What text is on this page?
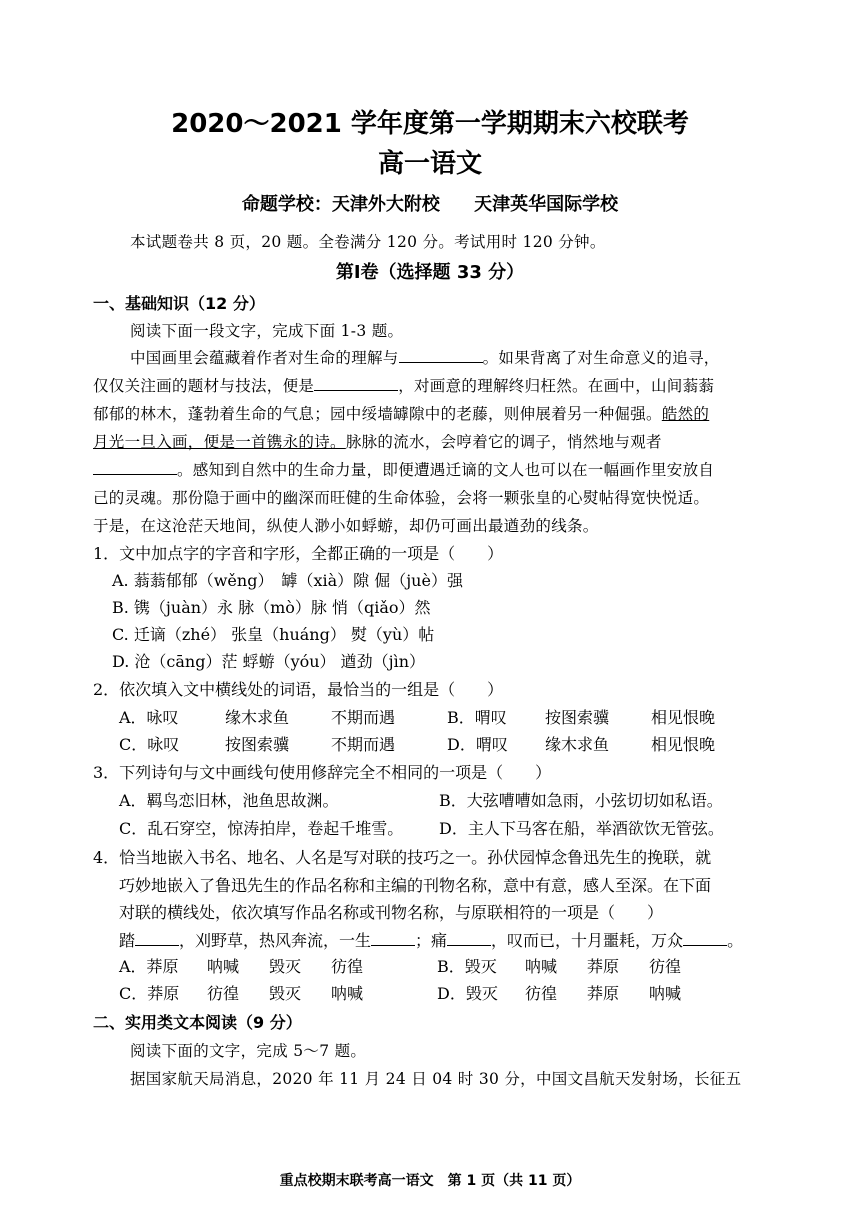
2020～2021 学年度第一学期期末六校联考
高一语文
命题学校：天津外大附校 天津英华国际学校
本试题卷共 8 页，20 题。全卷满分 120 分。考试用时 120 分钟。
第Ⅰ卷（选择题 33 分）
一、基础知识（12 分）
阅读下面一段文字，完成下面 1-3 题。
中国画里会蕴藏着作者对生命的理解与	。如果背离了对生命意义的追寻，
仅仅关注画的题材与技法，便是	，对画意的理解终归枉然。在画中，山间蓊蓊
郁郁的林木，蓬勃着生命的气息；园中绥墙罅隙中的老藤，则伸展着另一种倔强。皓然的
月光一旦入画，便是一首镌永的诗。脉脉的流水，会哼着它的调子，悄然地与观者
。感知到自然中的生命力量，即便遭遇迁谪的文人也可以在一幅画作里安放自
己的灵魂。那份隐于画中的幽深而旺健的生命体验，会将一颗张皇的心熨帖得宽快悦适。
于是，在这沧茫天地间，纵使人渺小如蜉蝣，却仍可画出最遒劲的线条。
1．文中加点字的字音和字形，全都正确的一项是（　　）
A. 蓊蓊郁郁（wěng）　罅（xià）隙 倔（juè）强
B. 镌（juàn）永 脉（mò）脉 悄（qiǎo）然
C. 迁谪（zhé） 张皇（huáng） 熨（yù）帖
D. 沧（cāng）茫 蜉蝣（yóu） 遒劲（jìn）
2．依次填入文中横线处的词语，最恰当的一组是（　　）
A．咏叹	缘木求鱼	不期而遇	B．喟叹 按图索骥	相见恨晚
C．咏叹	按图索骥	不期而遇	D．喟叹 缘木求鱼	相见恨晚
3．下列诗句与文中画线句使用修辞完全不相同的一项是（　　）
A．羁鸟恋旧林，池鱼思故渊。	B．大弦嘈嘈如急雨，小弦切切如私语。
C．乱石穿空，惊涛拍岸，卷起千堆雪。 D．主人下马客在船，举酒欲饮无管弦。
4．恰当地嵌入书名、地名、人名是写对联的技巧之一。孙伏园悼念鲁迅先生的挽联，就
巧妙地嵌入了鲁迅先生的作品名称和主编的刊物名称，意中有意，感人至深。在下面
对联的横线处，依次填写作品名称或刊物名称，与原联相符的一项是（　　）
踏	，刈野草，热风奔流，一生	；痛	，叹而已，十月噩耗，万众	。
A．莽原 呐喊 毁灭 彷徨	B．毁灭 呐喊 莽原 彷徨
C．莽原 彷徨 毁灭 呐喊	D．毁灭 彷徨 莽原 呐喊
二、实用类文本阅读（9 分）
阅读下面的文字，完成 5～7 题。
据国家航天局消息，2020 年 11 月 24 日 04 时 30 分，中国文昌航天发射场，长征五
重点校期末联考高一语文　第 1 页（共 11 页）
